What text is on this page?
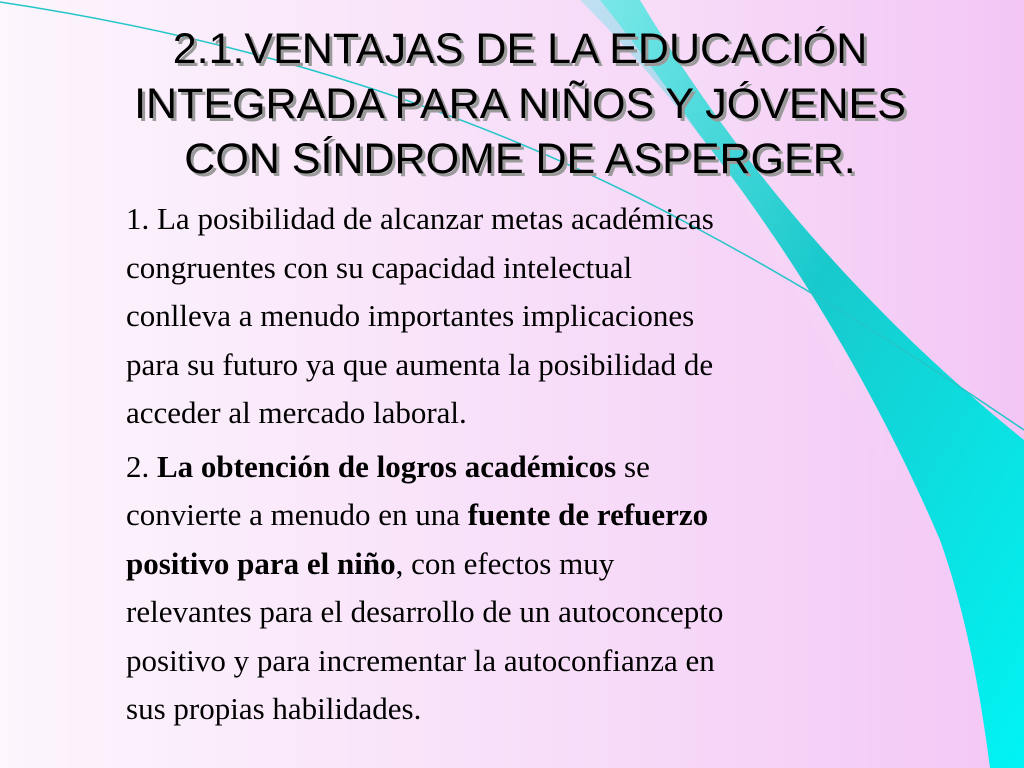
2.1.VENTAJAS DE LA EDUCACIÓN
INTEGRADA PARA NIÑOS Y JÓVENES
CON SÍNDROME DE ASPERGER.
1. La posibilidad de alcanzar metas académicas
congruentes con su capacidad intelectual
conlleva a menudo importantes implicaciones
para su futuro ya que aumenta la posibilidad de
acceder al mercado laboral.
2. La obtención de logros académicos se
convierte a menudo en una fuente de refuerzo
positivo para el niño, con efectos muy
relevantes para el desarrollo de un autoconcepto
positivo y para incrementar la autoconfianza en
sus propias habilidades.
